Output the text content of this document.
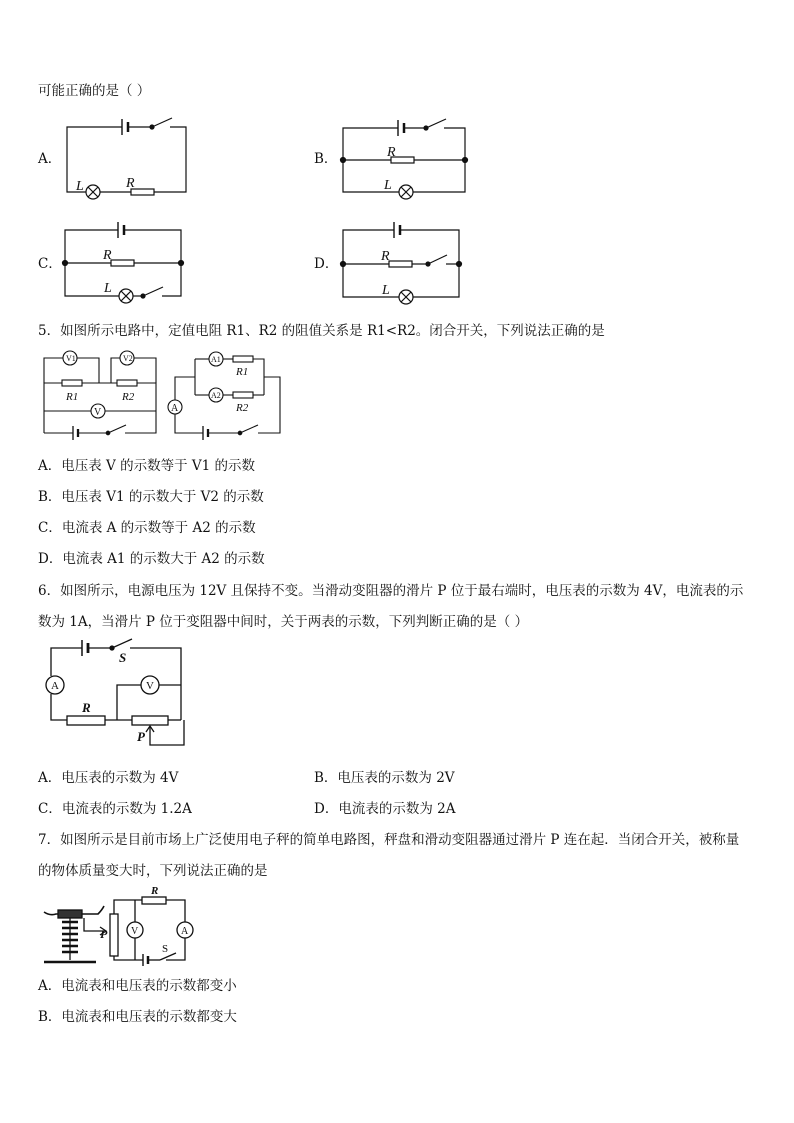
可能正确的是（ ）
A．
L	R
R
L
R
L
R
L
V1	V2
V
R1	R2
A
A1
A2
R1
R2
A	V
S
R
P
P
R
V	A
S
B．
C．	D．
5．如图所示电路中，定值电阻 R1、R2 的阻值关系是 R1<R2。闭合开关，下列说法正确的是
A．电压表 V 的示数等于 V1 的示数
B．电压表 V1 的示数大于 V2 的示数
C．电流表 A 的示数等于 A2 的示数
D．电流表 A1 的示数大于 A2 的示数
6．如图所示，电源电压为 12V 且保持不变。当滑动变阻器的滑片 P 位于最右端时，电压表的示数为 4V，电流表的示
数为 1A，当滑片 P 位于变阻器中间时，关于两表的示数，下列判断正确的是（ ）
A．电压表的示数为 4V	B．电压表的示数为 2V
C．电流表的示数为 1.2A	D．电流表的示数为 2A
7．如图所示是目前市场上广泛使用电子秤的简单电路图，秤盘和滑动变阻器通过滑片 P 连在起．当闭合开关，被称量
的物体质量变大时，下列说法正确的是
A．电流表和电压表的示数都变小
B．电流表和电压表的示数都变大
